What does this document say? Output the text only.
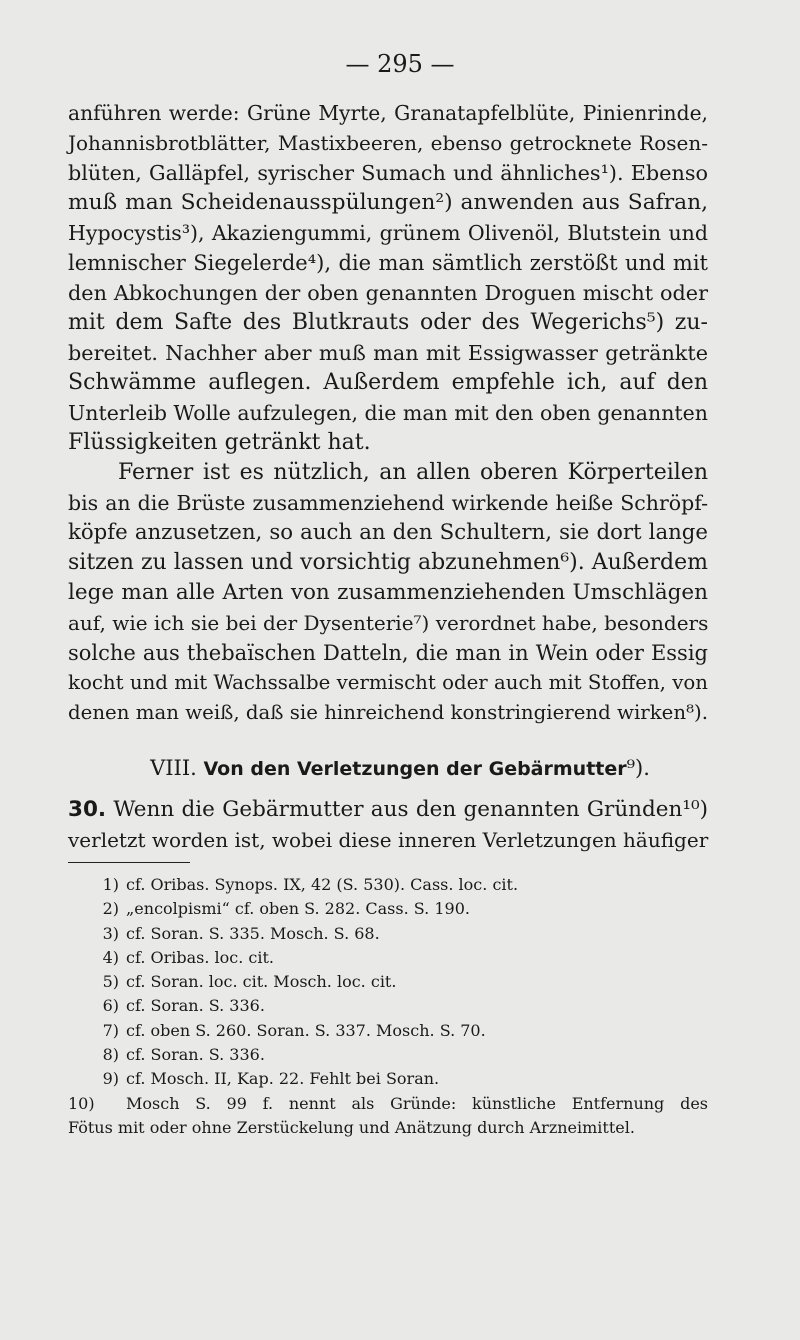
— 295 —
anführen werde: Grüne Myrte, Granatapfelblüte, Pinienrinde,
Johannisbrotblätter, Mastixbeeren, ebenso getrocknete Rosen-
blüten, Galläpfel, syrischer Sumach und ähnliches¹). Ebenso
muß man Scheidenausspülungen²) anwenden aus Safran,
Hypocystis³), Akaziengummi, grünem Olivenöl, Blutstein und
lemnischer Siegelerde⁴), die man sämtlich zerstößt und mit
den Abkochungen der oben genannten Droguen mischt oder
mit dem Safte des Blutkrauts oder des Wegerichs⁵) zu-
bereitet. Nachher aber muß man mit Essigwasser getränkte
Schwämme auflegen. Außerdem empfehle ich, auf den
Unterleib Wolle aufzulegen, die man mit den oben genannten
Flüssigkeiten getränkt hat.
Ferner ist es nützlich, an allen oberen Körperteilen
bis an die Brüste zusammenziehend wirkende heiße Schröpf-
köpfe anzusetzen, so auch an den Schultern, sie dort lange
sitzen zu lassen und vorsichtig abzunehmen⁶). Außerdem
lege man alle Arten von zusammenziehenden Umschlägen
auf, wie ich sie bei der Dysenterie⁷) verordnet habe, besonders
solche aus thebaïschen Datteln, die man in Wein oder Essig
kocht und mit Wachssalbe vermischt oder auch mit Stoffen, von
denen man weiß, daß sie hinreichend konstringierend wirken⁸).
VIII. Von den Verletzungen der Gebärmutter⁹).
30. Wenn die Gebärmutter aus den genannten Gründen¹⁰)
verletzt worden ist, wobei diese inneren Verletzungen häufiger
1) cf. Oribas. Synops. IX, 42 (S. 530). Cass. loc. cit.
2) „encolpismi“ cf. oben S. 282. Cass. S. 190.
3) cf. Soran. S. 335. Mosch. S. 68.
4) cf. Oribas. loc. cit.
5) cf. Soran. loc. cit. Mosch. loc. cit.
6) cf. Soran. S. 336.
7) cf. oben S. 260. Soran. S. 337. Mosch. S. 70.
8) cf. Soran. S. 336.
9) cf. Mosch. II, Kap. 22. Fehlt bei Soran.
10) Mosch S. 99 f. nennt als Gründe: künstliche Entfernung des
Fötus mit oder ohne Zerstückelung und Anätzung durch Arzneimittel.
